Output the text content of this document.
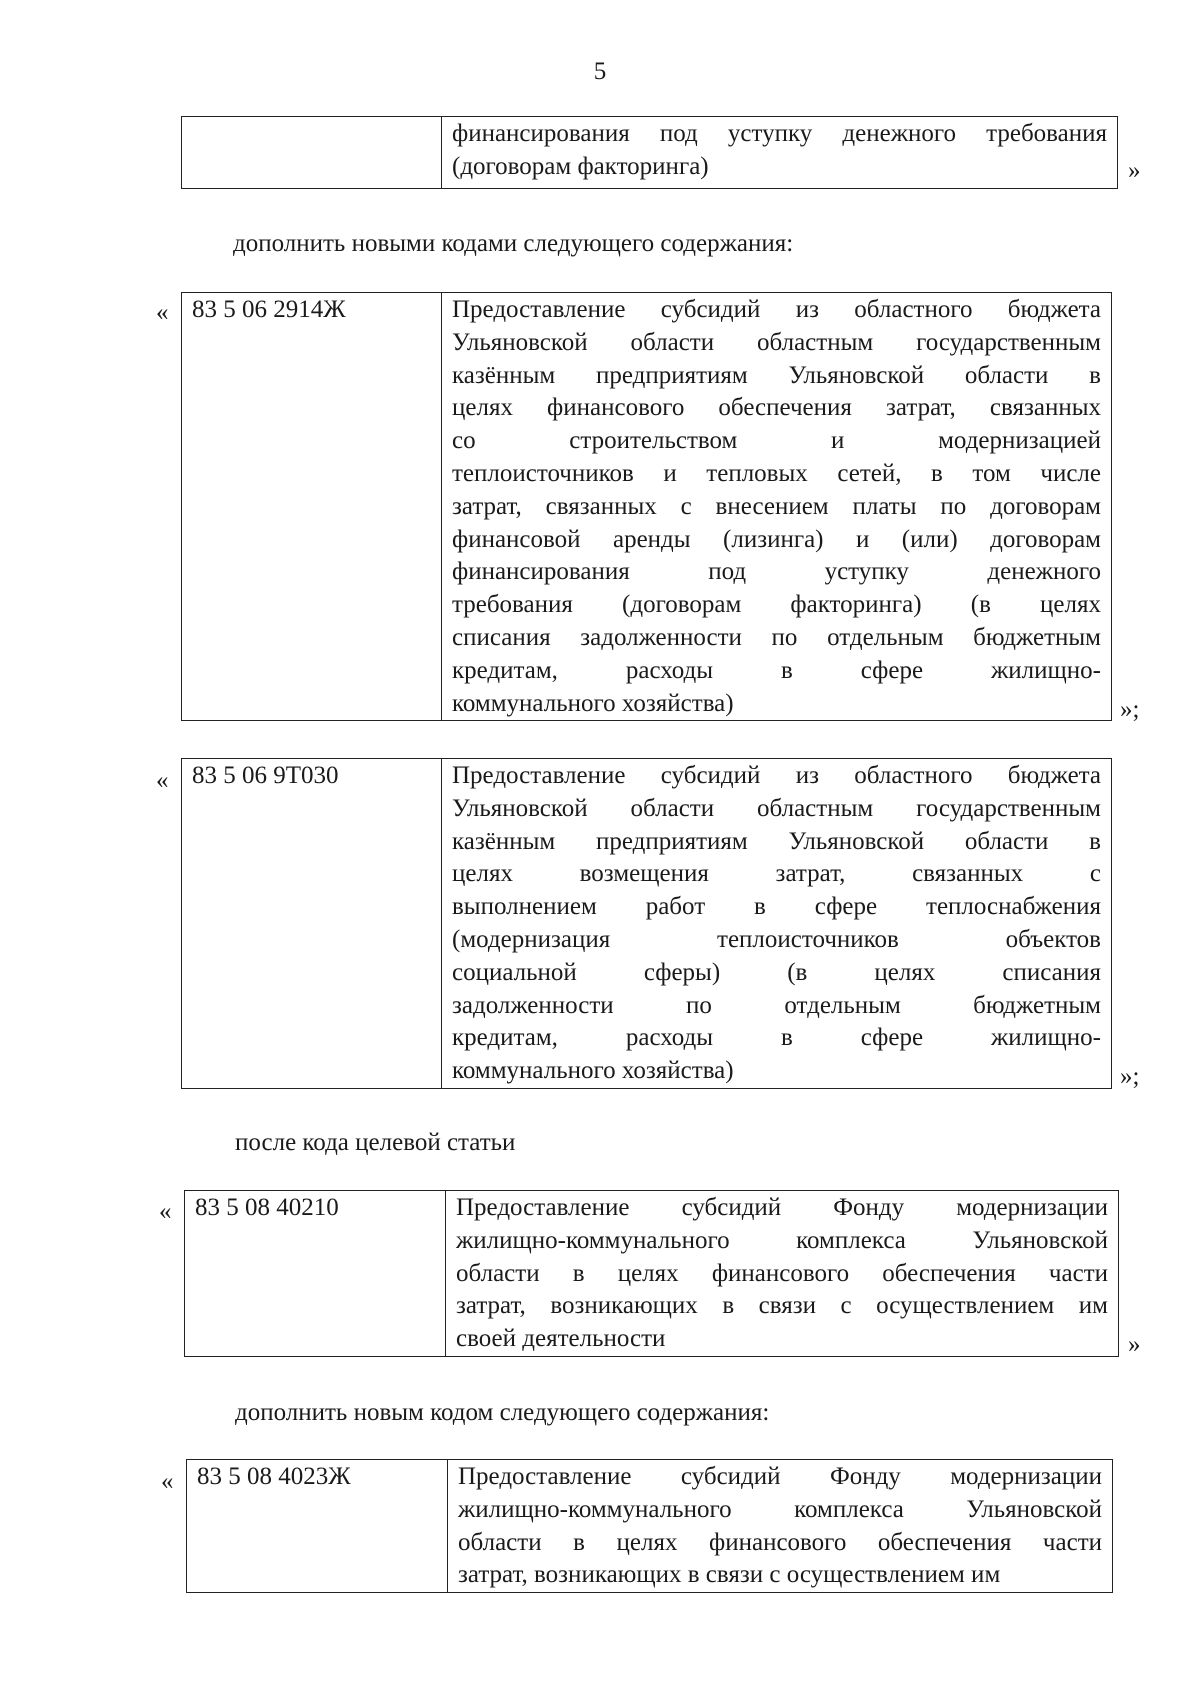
5

финансирования под уступку денежного требования
(договорам факторинга)	»
дополнить новыми кодами следующего содержания:
« 83 5 06 2914Ж	Предоставление субсидий из областного бюджета
Ульяновской области областным государственным
казённым предприятиям Ульяновской области в
целях финансового обеспечения затрат, связанных
со строительством и модернизацией
теплоисточников и тепловых сетей, в том числе
затрат, связанных с внесением платы по договорам
финансовой аренды (лизинга) и (или) договорам
финансирования под уступку денежного
требования (договорам факторинга) (в целях
списания задолженности по отдельным бюджетным
кредитам, расходы в сфере жилищно-
коммунального хозяйства)	»;
« 83 5 06 9Т030	Предоставление субсидий из областного бюджета
Ульяновской области областным государственным
казённым предприятиям Ульяновской области в
целях возмещения затрат, связанных с
выполнением работ в сфере теплоснабжения
(модернизация теплоисточников объектов
социальной сферы) (в целях списания
задолженности по отдельным бюджетным
кредитам, расходы в сфере жилищно-
коммунального хозяйства)	»;
после кода целевой статьи
« 83 5 08 40210	Предоставление субсидий Фонду модернизации
жилищно-коммунального комплекса Ульяновской
области в целях финансового обеспечения части
затрат, возникающих в связи с осуществлением им
своей деятельности	»
дополнить новым кодом следующего содержания:
« 83 5 08 4023Ж	Предоставление субсидий Фонду модернизации
жилищно-коммунального комплекса Ульяновской
области в целях финансового обеспечения части
затрат, возникающих в связи с осуществлением им
